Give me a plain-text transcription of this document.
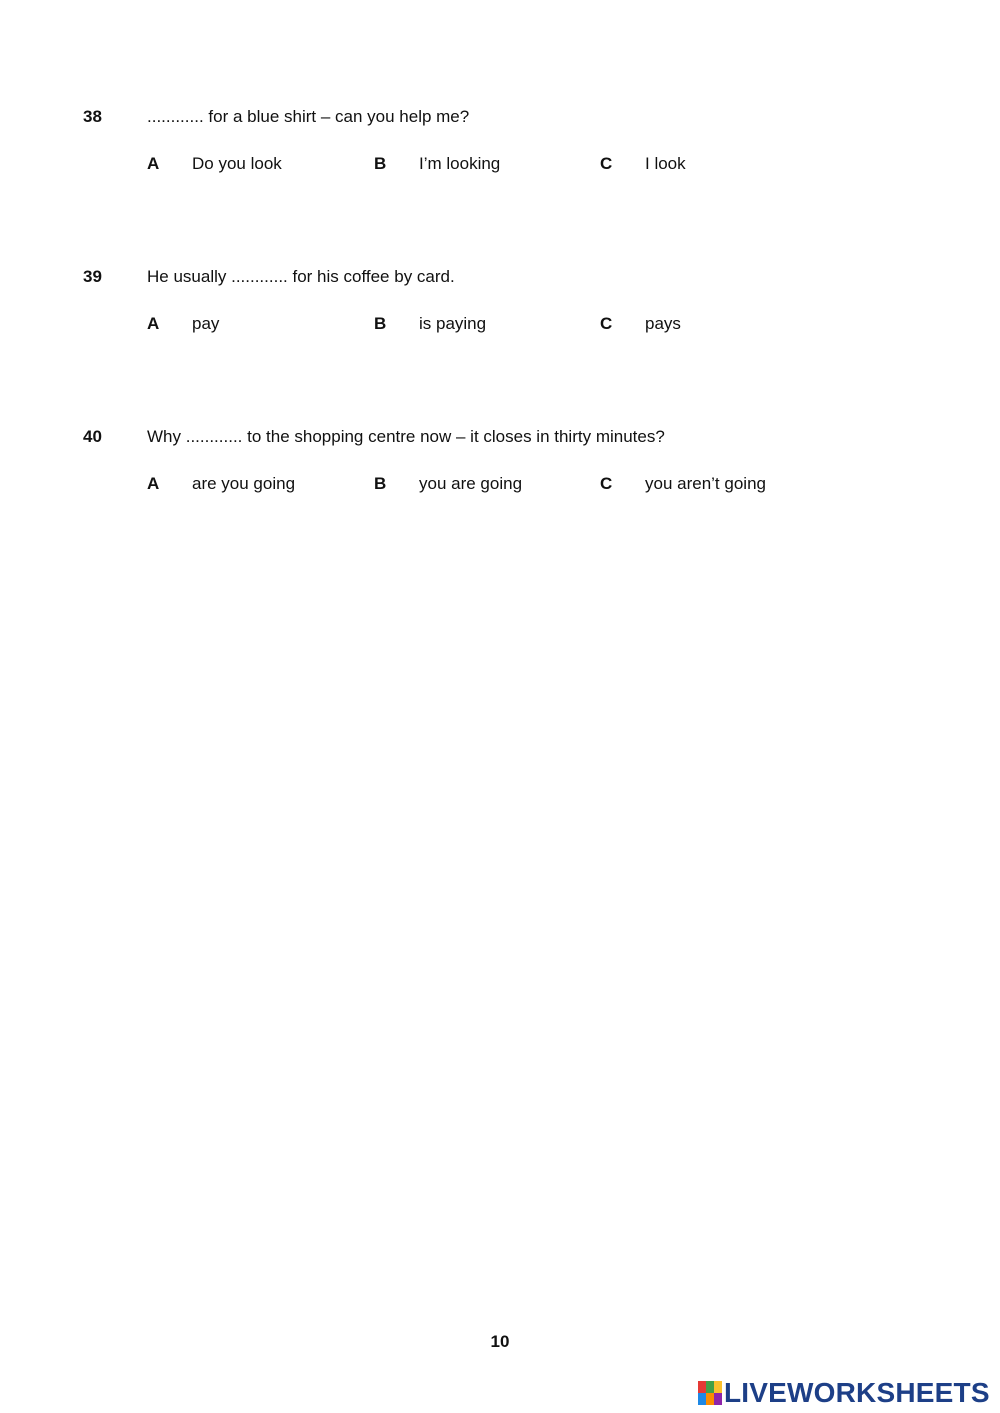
38	............ for a blue shirt – can you help me?
A Do you look	B I’m looking	C I look
39	He usually ............ for his coffee by card.
A pay	B is paying	C pays
40	Why ............ to the shopping centre now – it closes in thirty minutes?
A are you going	B you are going	C you aren’t going
10
LIVEWORKSHEETS
